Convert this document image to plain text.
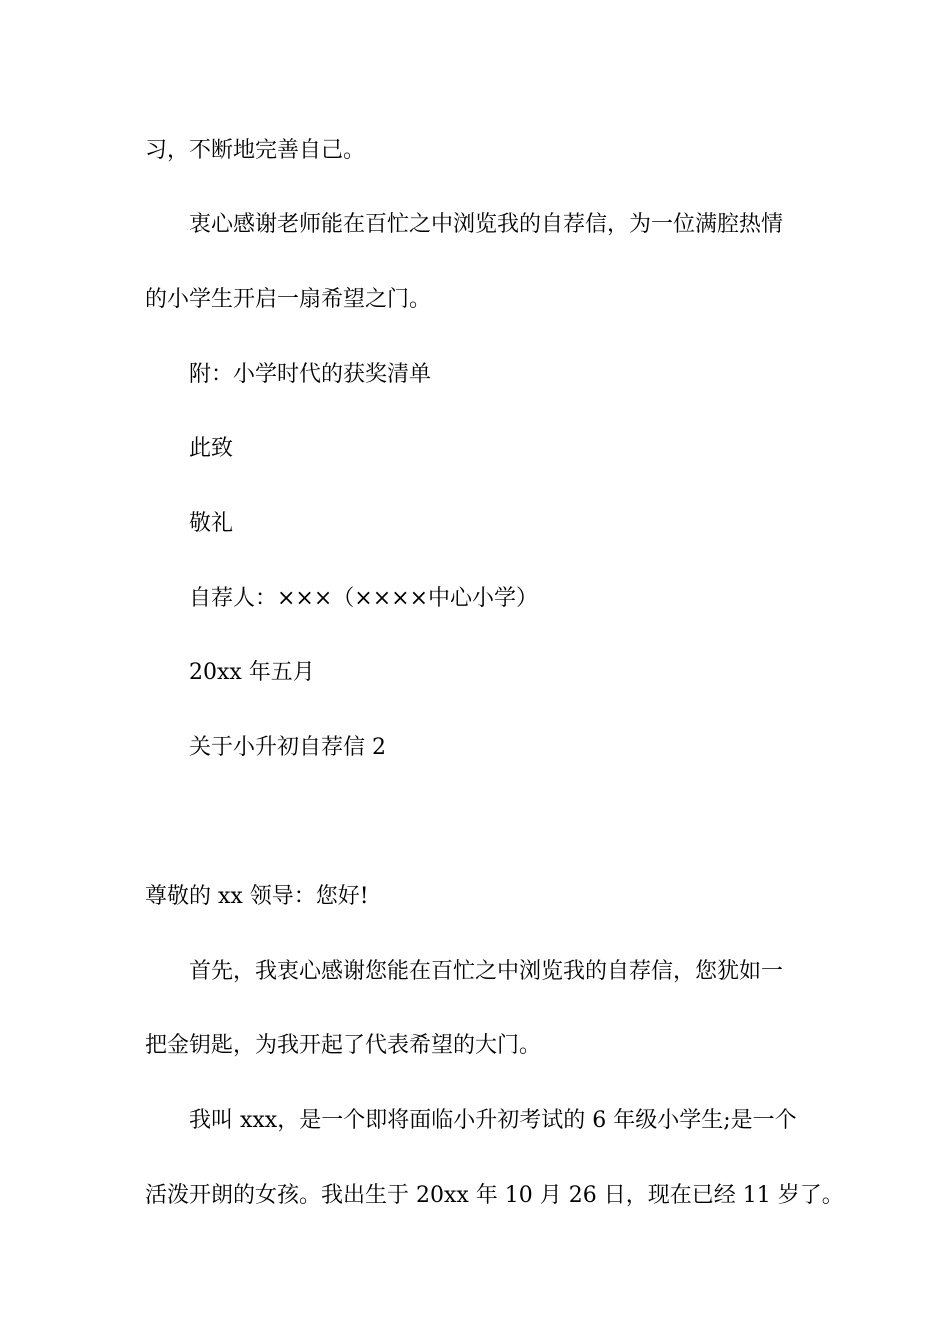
习，不断地完善自己。
衷心感谢老师能在百忙之中浏览我的自荐信，为一位满腔热情
的小学生开启一扇希望之门。
附：小学时代的获奖清单
此致
敬礼
自荐人：×××（××××中心小学）
20xx 年五月
关于小升初自荐信 2
尊敬的 xx 领导：您好!
首先，我衷心感谢您能在百忙之中浏览我的自荐信，您犹如一
把金钥匙，为我开起了代表希望的大门。
我叫 xxx，是一个即将面临小升初考试的 6 年级小学生;是一个
活泼开朗的女孩。我出生于 20xx 年 10 月 26 日，现在已经 11 岁了。
